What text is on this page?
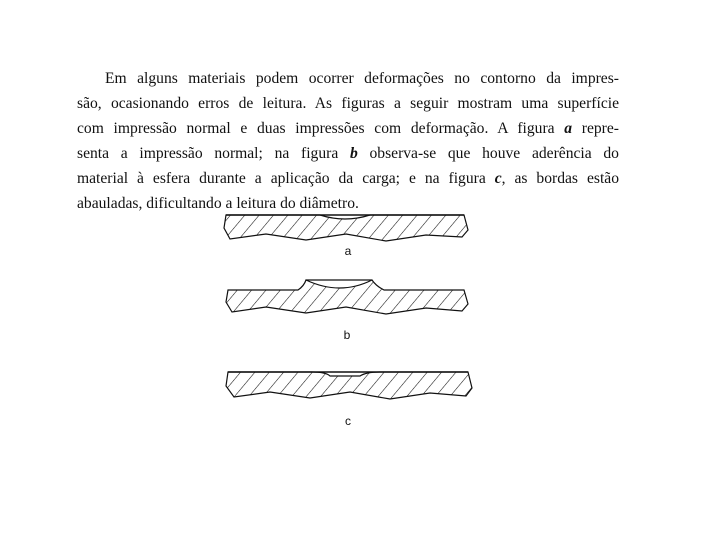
Em alguns materiais podem ocorrer deformações no contorno da impres-
são, ocasionando erros de leitura. As figuras a seguir mostram uma superfície
com impressão normal e duas impressões com deformação. A figura a repre-
senta a impressão normal; na figura b observa-se que houve aderência do
material à esfera durante a aplicação da carga; e na figura c, as bordas estão
abauladas, dificultando a leitura do diâmetro.
a
b
c
